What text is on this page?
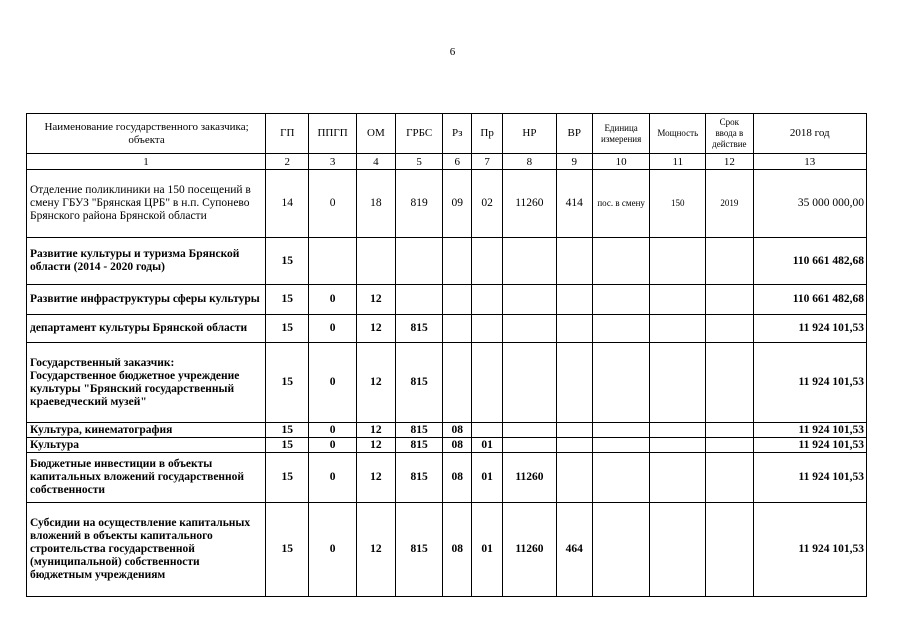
6
Наименование государственного заказчика; объекта	ГП	ППГП	ОМ	ГРБС	Рз	Пр	НР	ВР	Единица измерения	Мощность	Срок ввода в действие	2018 год
1	2	3	4	5	6	7	8	9	10	11	12	13
Отделение поликлиники на 150 посещений в смену ГБУЗ "Брянская ЦРБ" в н.п. Супонево Брянского района Брянской области	14	0	18	819	09	02	11260	414	пос. в смену	150	2019	35 000 000,00
Развитие культуры и туризма Брянской области (2014 - 2020 годы)	15											110 661 482,68
Развитие инфраструктуры сферы культуры	15	0	12									110 661 482,68
департамент культуры Брянской области	15	0	12	815								11 924 101,53
Государственный заказчик: Государственное бюджетное учреждение культуры "Брянский государственный краеведческий музей"	15	0	12	815								11 924 101,53
Культура, кинематография	15	0	12	815	08							11 924 101,53
Культура	15	0	12	815	08	01						11 924 101,53
Бюджетные инвестиции в объекты капитальных вложений государственной собственности	15	0	12	815	08	01	11260					11 924 101,53
Субсидии на осуществление капитальных вложений в объекты капитального строительства государственной (муниципальной) собственности бюджетным учреждениям	15	0	12	815	08	01	11260	464				11 924 101,53
